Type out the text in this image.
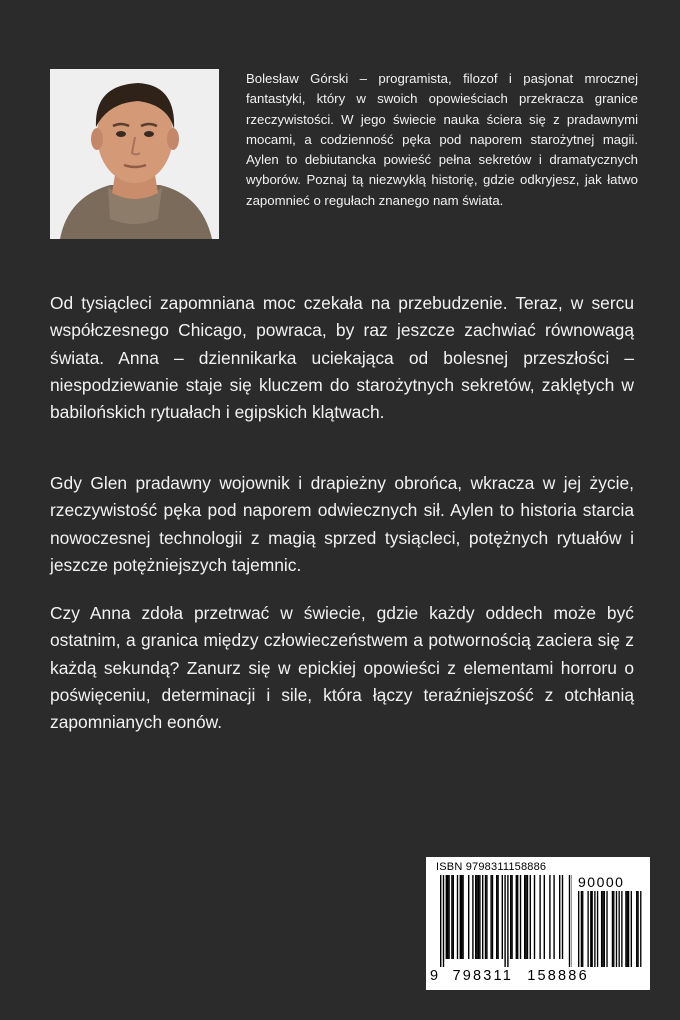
Bolesław Górski – programista, filozof i pasjonat mrocznej fantastyki, który w swoich opowieściach przekracza granice rzeczywistości. W jego świecie nauka ściera się z pradawnymi mocami, a codzienność pęka pod naporem starożytnej magii. Aylen to debiutancka powieść pełna sekretów i dramatycznych wyborów. Poznaj tą niezwykłą historię, gdzie odkryjesz, jak łatwo zapomnieć o regułach znanego nam świata.

Od tysiącleci zapomniana moc czekała na przebudzenie. Teraz, w sercu współczesnego Chicago, powraca, by raz jeszcze zachwiać równowagą świata. Anna – dziennikarka uciekająca od bolesnej przeszłości – niespodziewanie staje się kluczem do starożytnych sekretów, zaklętych w babilońskich rytuałach i egipskich klątwach.

Gdy Glen pradawny wojownik i drapieżny obrońca, wkracza w jej życie, rzeczywistość pęka pod naporem odwiecznych sił. Aylen to historia starcia nowoczesnej technologii z magią sprzed tysiącleci, potężnych rytuałów i jeszcze potężniejszych tajemnic.

Czy Anna zdoła przetrwać w świecie, gdzie każdy oddech może być ostatnim, a granica między człowieczeństwem a potwornością zaciera się z każdą sekundą? Zanurz się w epickiej opowieści z elementami horroru o poświęceniu, determinacji i sile, która łączy teraźniejszość z otchłanią zapomnianych eonów.

ISBN 9798311158886
90000
9 798311 158886
